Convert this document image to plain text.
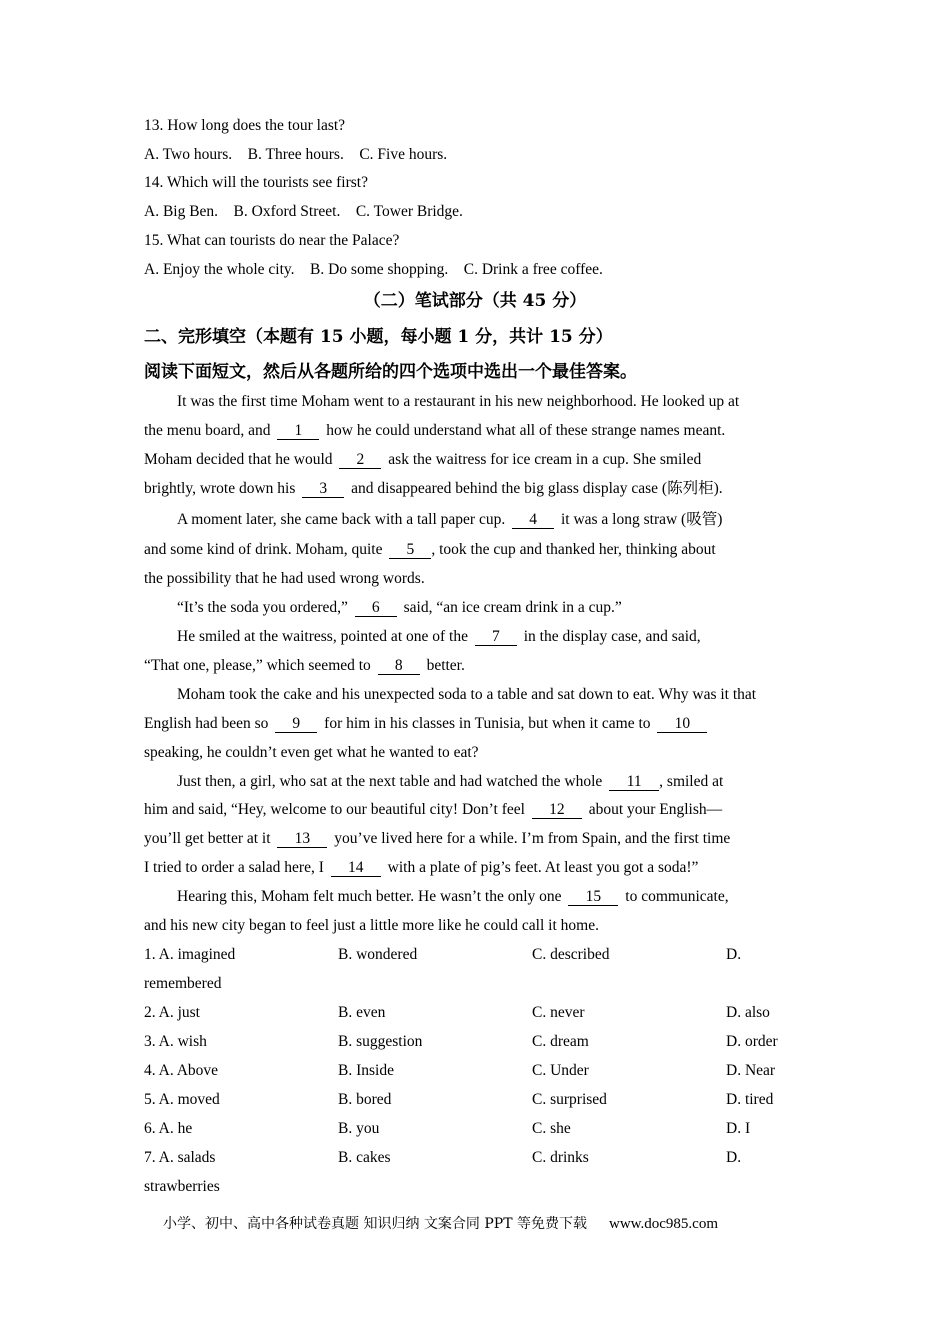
13. How long does the tour last?
A. Two hours.    B. Three hours.    C. Five hours.
14. Which will the tourists see first?
A. Big Ben.    B. Oxford Street.    C. Tower Bridge.
15. What can tourists do near the Palace?
A. Enjoy the whole city.    B. Do some shopping.    C. Drink a free coffee.
（二）笔试部分（共 45 分）
二、完形填空（本题有 15 小题，每小题 1 分，共计 15 分）
阅读下面短文，然后从各题所给的四个选项中选出一个最佳答案。
It was the first time Moham went to a restaurant in his new neighborhood. He looked up at
the menu board, and 1 how he could understand what all of these strange names meant.
Moham decided that he would 2 ask the waitress for ice cream in a cup. She smiled
brightly, wrote down his 3 and disappeared behind the big glass display case (陈列柜).
A moment later, she came back with a tall paper cup. 4 it was a long straw (吸管)
and some kind of drink. Moham, quite 5 , took the cup and thanked her, thinking about
the possibility that he had used wrong words.
“It’s the soda you ordered,” 6 said, “an ice cream drink in a cup.”
He smiled at the waitress, pointed at one of the 7 in the display case, and said,
“That one, please,” which seemed to 8 better.
Moham took the cake and his unexpected soda to a table and sat down to eat. Why was it that
English had been so 9 for him in his classes in Tunisia, but when it came to 10
speaking, he couldn’t even get what he wanted to eat?
Just then, a girl, who sat at the next table and had watched the whole 11 , smiled at
him and said, “Hey, welcome to our beautiful city! Don’t feel 12 about your English—
you’ll get better at it 13 you’ve lived here for a while. I’m from Spain, and the first time
I tried to order a salad here, I 14 with a plate of pig’s feet. At least you got a soda!”
Hearing this, Moham felt much better. He wasn’t the only one 15 to communicate,
and his new city began to feel just a little more like he could call it home.
1. A. imagined	B. wondered	C. described	D.
remembered
2. A. just	B. even	C. never	D. also
3. A. wish	B. suggestion	C. dream	D. order
4. A. Above	B. Inside	C. Under	D. Near
5. A. moved	B. bored	C. surprised	D. tired
6. A. he	B. you	C. she	D. I
7. A. salads	B. cakes	C. drinks	D.
strawberries
小学、初中、高中各种试卷真题 知识归纳 文案合同 PPT 等免费下载 www.doc985.com
